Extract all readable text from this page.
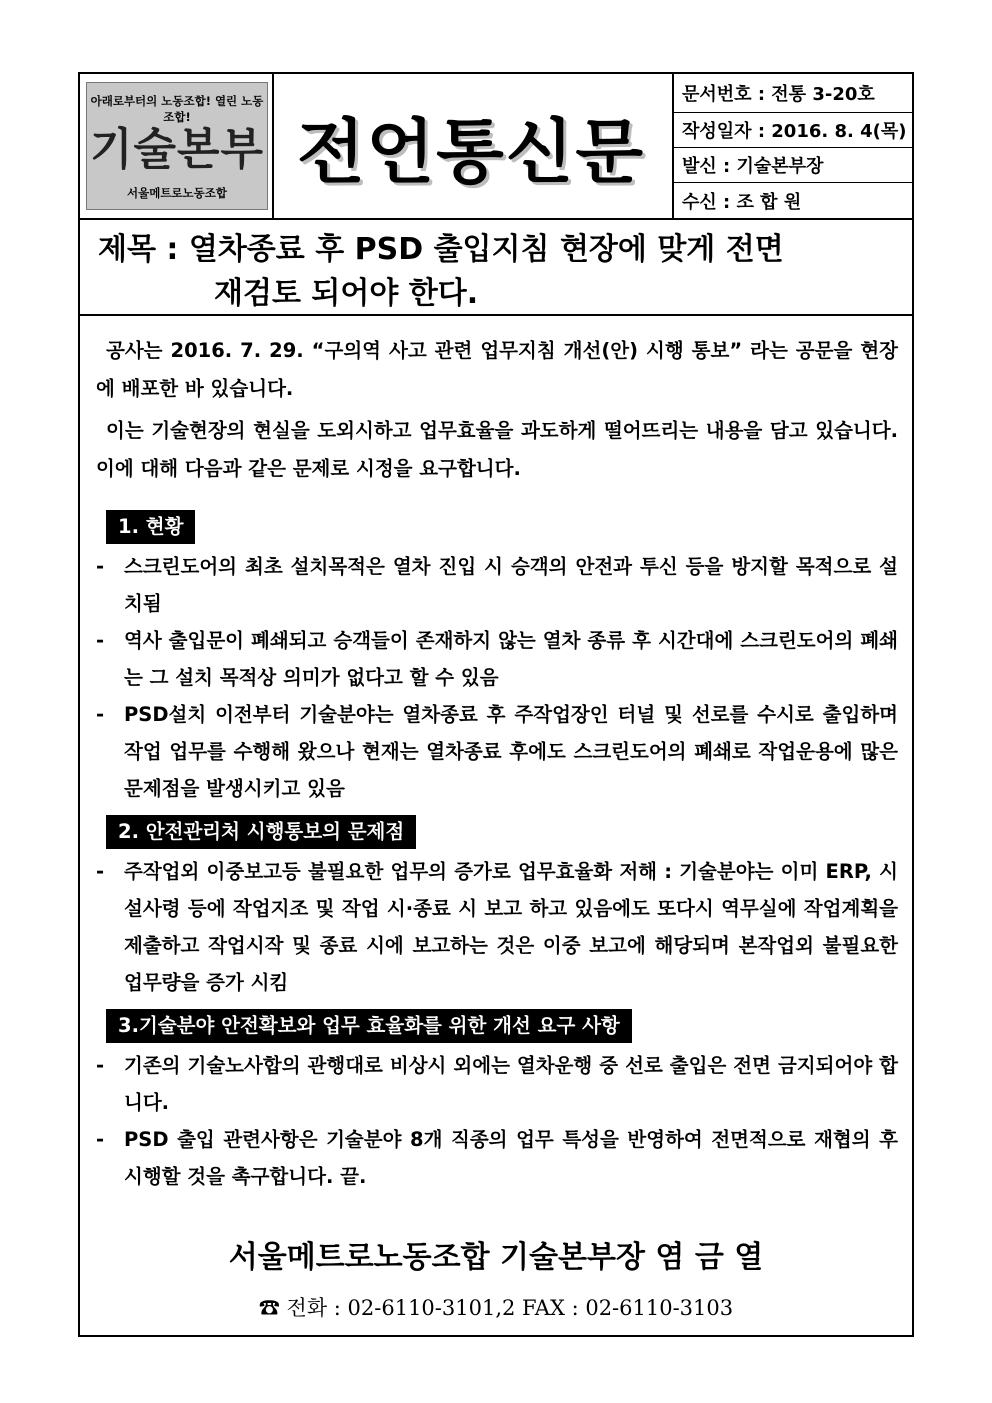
아래로부터의 노동조합! 열린 노동조합!
기술본부
서울메트로노동조합 전언통신문
문서번호 : 전통 3-20호
작성일자 : 2016. 8. 4(목)
발신 : 기술본부장
수신 : 조 합 원
제목 : 열차종료 후 PSD 출입지침 현장에 맞게 전면
재검토 되어야 한다.

공사는 2016. 7. 29. “구의역 사고 관련 업무지침 개선(안) 시행 통보” 라는 공문을 현장에 배포한 바 있습니다.

이는 기술현장의 현실을 도외시하고 업무효율을 과도하게 떨어뜨리는 내용을 담고 있습니다. 이에 대해 다음과 같은 문제로 시정을 요구합니다.

1. 현황
-	스크린도어의 최초 설치목적은 열차 진입 시 승객의 안전과 투신 등을 방지할 목적으로 설치됨
-	역사 출입문이 폐쇄되고 승객들이 존재하지 않는 열차 종류 후 시간대에 스크린도어의 폐쇄는 그 설치 목적상 의미가 없다고 할 수 있음
-	PSD설치 이전부터 기술분야는 열차종료 후 주작업장인 터널 및 선로를 수시로 출입하며 작업 업무를 수행해 왔으나 현재는 열차종료 후에도 스크린도어의 폐쇄로 작업운용에 많은 문제점을 발생시키고 있음
2. 안전관리처 시행통보의 문제점
-	주작업외 이중보고등 불필요한 업무의 증가로 업무효율화 저해 : 기술분야는 이미 ERP, 시설사령 등에 작업지조 및 작업 시·종료 시 보고 하고 있음에도 또다시 역무실에 작업계획을 제출하고 작업시작 및 종료 시에 보고하는 것은 이중 보고에 해당되며 본작업외 불필요한 업무량을 증가 시킴
3.기술분야 안전확보와 업무 효율화를 위한 개선 요구 사항
-	기존의 기술노사합의 관행대로 비상시 외에는 열차운행 중 선로 출입은 전면 금지되어야 합니다.
-	PSD 출입 관련사항은 기술분야 8개 직종의 업무 특성을 반영하여 전면적으로 재협의 후 시행할 것을 촉구합니다. 끝.
서울메트로노동조합 기술본부장 염 금 열
☎ 전화 : 02-6110-3101,2 FAX : 02-6110-3103
